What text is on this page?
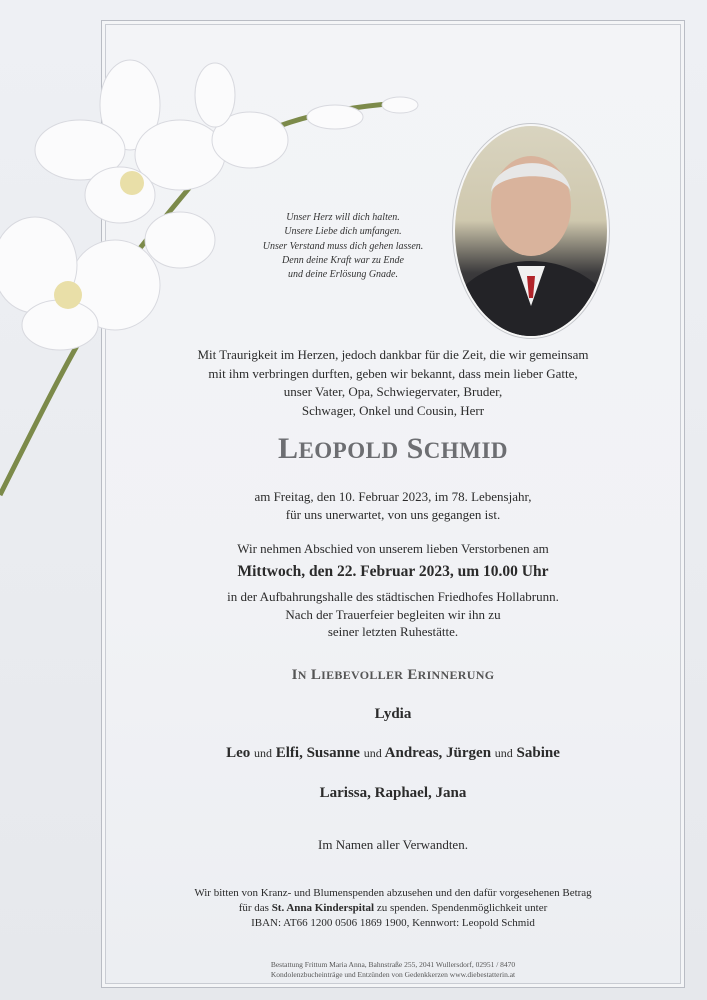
Unser Herz will dich halten.
Unsere Liebe dich umfangen.
Unser Verstand muss dich gehen lassen.
Denn deine Kraft war zu Ende
und deine Erlösung Gnade.
Mit Traurigkeit im Herzen, jedoch dankbar für die Zeit, die wir gemeinsam
mit ihm verbringen durften, geben wir bekannt, dass mein lieber Gatte,
unser Vater, Opa, Schwiegervater, Bruder,
Schwager, Onkel und Cousin, Herr
LEOPOLD SCHMID
am Freitag, den 10. Februar 2023, im 78. Lebensjahr,
für uns unerwartet, von uns gegangen ist.
Wir nehmen Abschied von unserem lieben Verstorbenen am
Mittwoch, den 22. Februar 2023, um 10.00 Uhr
in der Aufbahrungshalle des städtischen Friedhofes Hollabrunn.
Nach der Trauerfeier begleiten wir ihn zu
seiner letzten Ruhestätte.
IN LIEBEVOLLER ERINNERUNG
Lydia
Leo und Elfi, Susanne und Andreas, Jürgen und Sabine
Larissa, Raphael, Jana
Im Namen aller Verwandten.
Wir bitten von Kranz- und Blumenspenden abzusehen und den dafür vorgesehenen Betrag
für das St. Anna Kinderspital zu spenden. Spendenmöglichkeit unter
IBAN: AT66 1200 0506 1869 1900, Kennwort: Leopold Schmid
Bestattung Frittum Maria Anna, Bahnstraße 255, 2041 Wullersdorf, 02951 / 8470
Kondolenzbucheinträge und Entzünden von Gedenkkerzen www.diebestatterin.at
